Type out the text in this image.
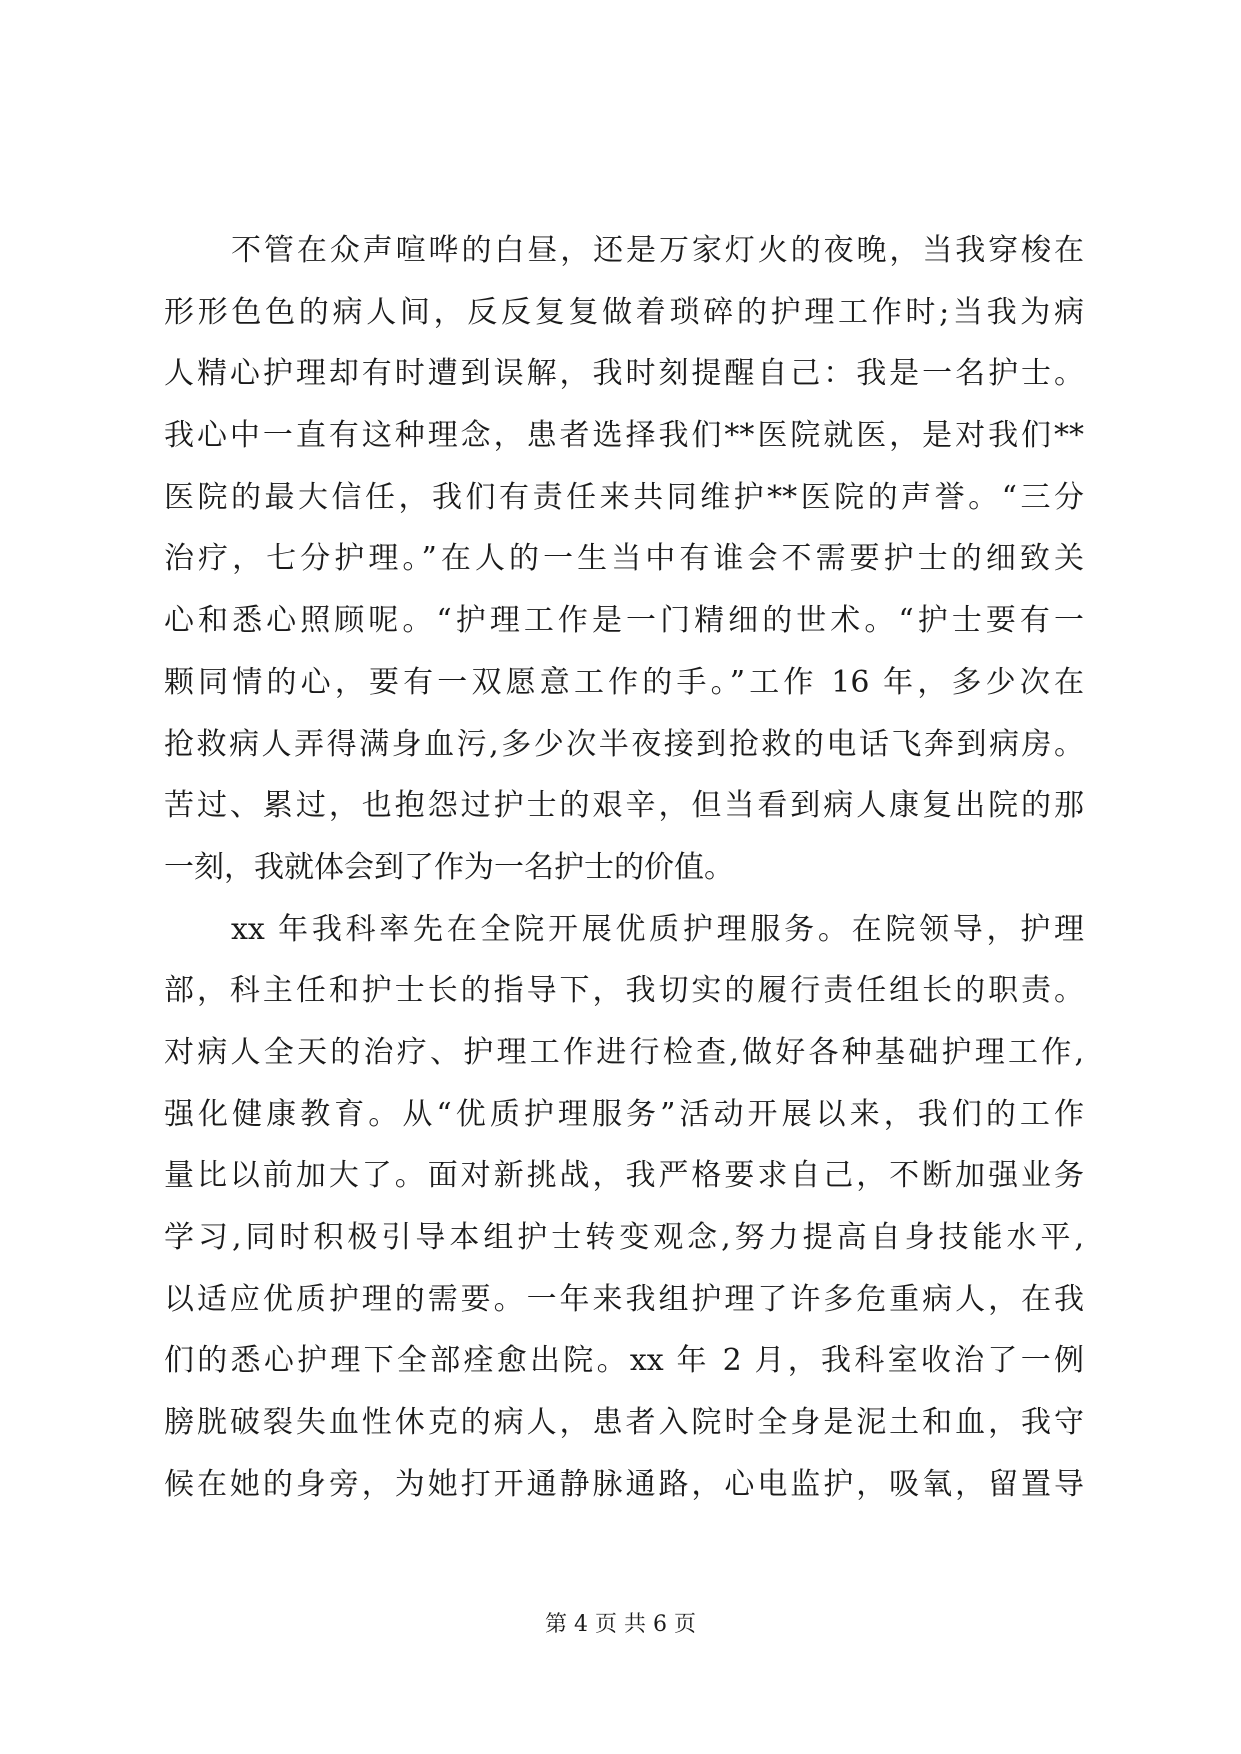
不管在众声喧哗的白昼，还是万家灯火的夜晚，当我穿梭在
形形色色的病人间，反反复复做着琐碎的护理工作时;当我为病
人精心护理却有时遭到误解，我时刻提醒自己：我是一名护士。
我心中一直有这种理念，患者选择我们**医院就医，是对我们**
医院的最大信任，我们有责任来共同维护**医院的声誉。“三分
治疗，七分护理。”在人的一生当中有谁会不需要护士的细致关
心和悉心照顾呢。“护理工作是一门精细的世术。“护士要有一
颗同情的心，要有一双愿意工作的手。”工作 16 年，多少次在
抢救病人弄得满身血污,多少次半夜接到抢救的电话飞奔到病房。
苦过、累过，也抱怨过护士的艰辛，但当看到病人康复出院的那
一刻，我就体会到了作为一名护士的价值。
xx 年我科率先在全院开展优质护理服务。在院领导，护理
部，科主任和护士长的指导下，我切实的履行责任组长的职责。
对病人全天的治疗、护理工作进行检查,做好各种基础护理工作,
强化健康教育。从“优质护理服务”活动开展以来，我们的工作
量比以前加大了。面对新挑战，我严格要求自己，不断加强业务
学习,同时积极引导本组护士转变观念,努力提高自身技能水平,
以适应优质护理的需要。一年来我组护理了许多危重病人，在我
们的悉心护理下全部痊愈出院。xx 年 2 月，我科室收治了一例
膀胱破裂失血性休克的病人，患者入院时全身是泥土和血，我守
候在她的身旁，为她打开通静脉通路，心电监护，吸氧，留置导
第 4 页 共 6 页
